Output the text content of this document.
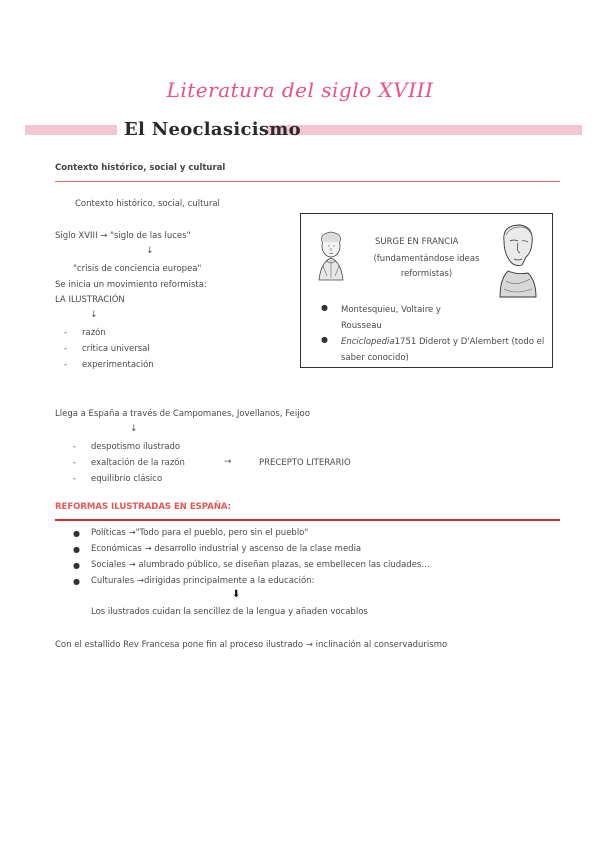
Literatura del siglo XVIII
El Neoclasicismo
Contexto histórico, social y cultural
Contexto histórico, social, cultural
Siglo XVIII → "siglo de las luces"
↓
"crisis de conciencia europea"
Se inicia un movimiento reformista:
LA ILUSTRACIÓN
↓
- razón
- crítica universal
- experimentación
SURGE EN FRANCIA
(fundamentándose ideas reformistas)
● Montesquieu, Voltaire y Rousseau
● Enciclopedia1751 Diderot y D'Alembert (todo el saber conocido)
Llega a España a través de Campomanes, Jovellanos, Feijoo
↓
- despotismo ilustrado
- exaltación de la razón	→	PRECEPTO LITERARIO
- equilibrio clásico
REFORMAS ILUSTRADAS EN ESPAÑA:
● Políticas →"Todo para el pueblo, pero sin el pueblo"
● Económicas → desarrollo industrial y ascenso de la clase media
● Sociales → alumbrado público, se diseñan plazas, se embellecen las ciudades…
● Culturales →dirigidas principalmente a la educación:
⬇
Los ilustrados cuidan la sencillez de la lengua y añaden vocablos
Con el estallido Rev Francesa pone fin al proceso ilustrado → inclinación al conservadurismo
